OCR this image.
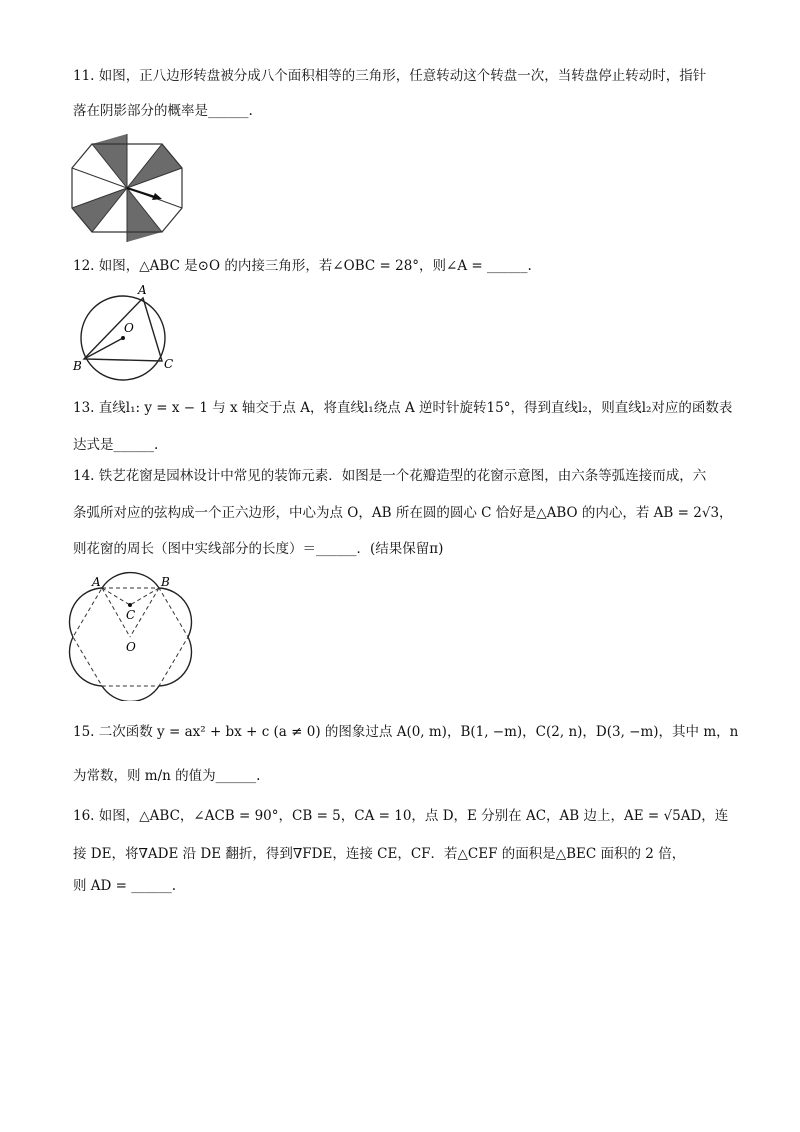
11. 如图，正八边形转盘被分成八个面积相等的三角形，任意转动这个转盘一次，当转盘停止转动时，指针
落在阴影部分的概率是______.
12. 如图，△ABC 是⊙O 的内接三角形，若∠OBC = 28°，则∠A = ______.
A
O
B	C
13. 直线l₁: y = x − 1 与 x 轴交于点 A，将直线l₁绕点 A 逆时针旋转15°，得到直线l₂，则直线l₂对应的函数表
达式是______.
14. 铁艺花窗是园林设计中常见的装饰元素．如图是一个花瓣造型的花窗示意图，由六条等弧连接而成，六
条弧所对应的弦构成一个正六边形，中心为点 O，AB 所在圆的圆心 C 恰好是△ABO 的内心，若 AB = 2√3，
则花窗的周长（图中实线部分的长度）＝______．(结果保留π)
A	B
C
O
15. 二次函数 y = ax² + bx + c (a ≠ 0) 的图象过点 A(0, m)，B(1, −m)，C(2, n)，D(3, −m)，其中 m，n
为常数，则 m/n 的值为______.
16. 如图，△ABC，∠ACB = 90°，CB = 5，CA = 10，点 D，E 分别在 AC，AB 边上，AE = √5AD，连
接 DE，将∇ADE 沿 DE 翻折，得到∇FDE，连接 CE，CF．若△CEF 的面积是△BEC 面积的 2 倍，
则 AD = ______.
